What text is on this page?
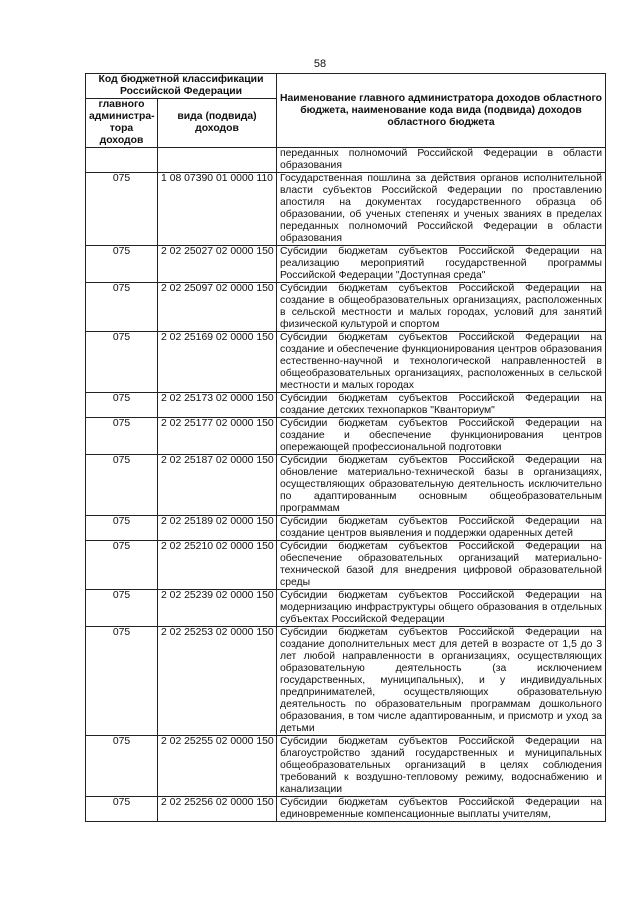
58
Код бюджетной классификации Российской Федерации		Наименование главного администратора доходов областного бюджета, наименование кода вида (подвида) доходов областного бюджета
главного администра-тора доходов	вида (подвида) доходов	
		переданных полномочий Российской Федерации в области образования
075	1 08 07390 01 0000 110	Государственная пошлина за действия органов исполнительной власти субъектов Российской Федерации по проставлению апостиля на документах государственного образца об образовании, об ученых степенях и ученых званиях в пределах переданных полномочий Российской Федерации в области образования
075	2 02 25027 02 0000 150	Субсидии бюджетам субъектов Российской Федерации на реализацию мероприятий государственной программы Российской Федерации "Доступная среда"
075	2 02 25097 02 0000 150	Субсидии бюджетам субъектов Российской Федерации на создание в общеобразовательных организациях, расположенных в сельской местности и малых городах, условий для занятий физической культурой и спортом
075	2 02 25169 02 0000 150	Субсидии бюджетам субъектов Российской Федерации на создание и обеспечение функционирования центров образования естественно-научной и технологической направленностей в общеобразовательных организациях, расположенных в сельской местности и малых городах
075	2 02 25173 02 0000 150	Субсидии бюджетам субъектов Российской Федерации на создание детских технопарков "Кванториум"
075	2 02 25177 02 0000 150	Субсидии бюджетам субъектов Российской Федерации на создание и обеспечение функционирования центров опережающей профессиональной подготовки
075	2 02 25187 02 0000 150	Субсидии бюджетам субъектов Российской Федерации на обновление материально-технической базы в организациях, осуществляющих образовательную деятельность исключительно по адаптированным основным общеобразовательным программам
075	2 02 25189 02 0000 150	Субсидии бюджетам субъектов Российской Федерации на создание центров выявления и поддержки одаренных детей
075	2 02 25210 02 0000 150	Субсидии бюджетам субъектов Российской Федерации на обеспечение образовательных организаций материально-технической базой для внедрения цифровой образовательной среды
075	2 02 25239 02 0000 150	Субсидии бюджетам субъектов Российской Федерации на модернизацию инфраструктуры общего образования в отдельных субъектах Российской Федерации
075	2 02 25253 02 0000 150	Субсидии бюджетам субъектов Российской Федерации на создание дополнительных мест для детей в возрасте от 1,5 до 3 лет любой направленности в организациях, осуществляющих образовательную деятельность (за исключением государственных, муниципальных), и у индивидуальных предпринимателей, осуществляющих образовательную деятельность по образовательным программам дошкольного образования, в том числе адаптированным, и присмотр и уход за детьми
075	2 02 25255 02 0000 150	Субсидии бюджетам субъектов Российской Федерации на благоустройство зданий государственных и муниципальных общеобразовательных организаций в целях соблюдения требований к воздушно-тепловому режиму, водоснабжению и канализации
075	2 02 25256 02 0000 150	Субсидии бюджетам субъектов Российской Федерации на единовременные компенсационные выплаты учителям,
